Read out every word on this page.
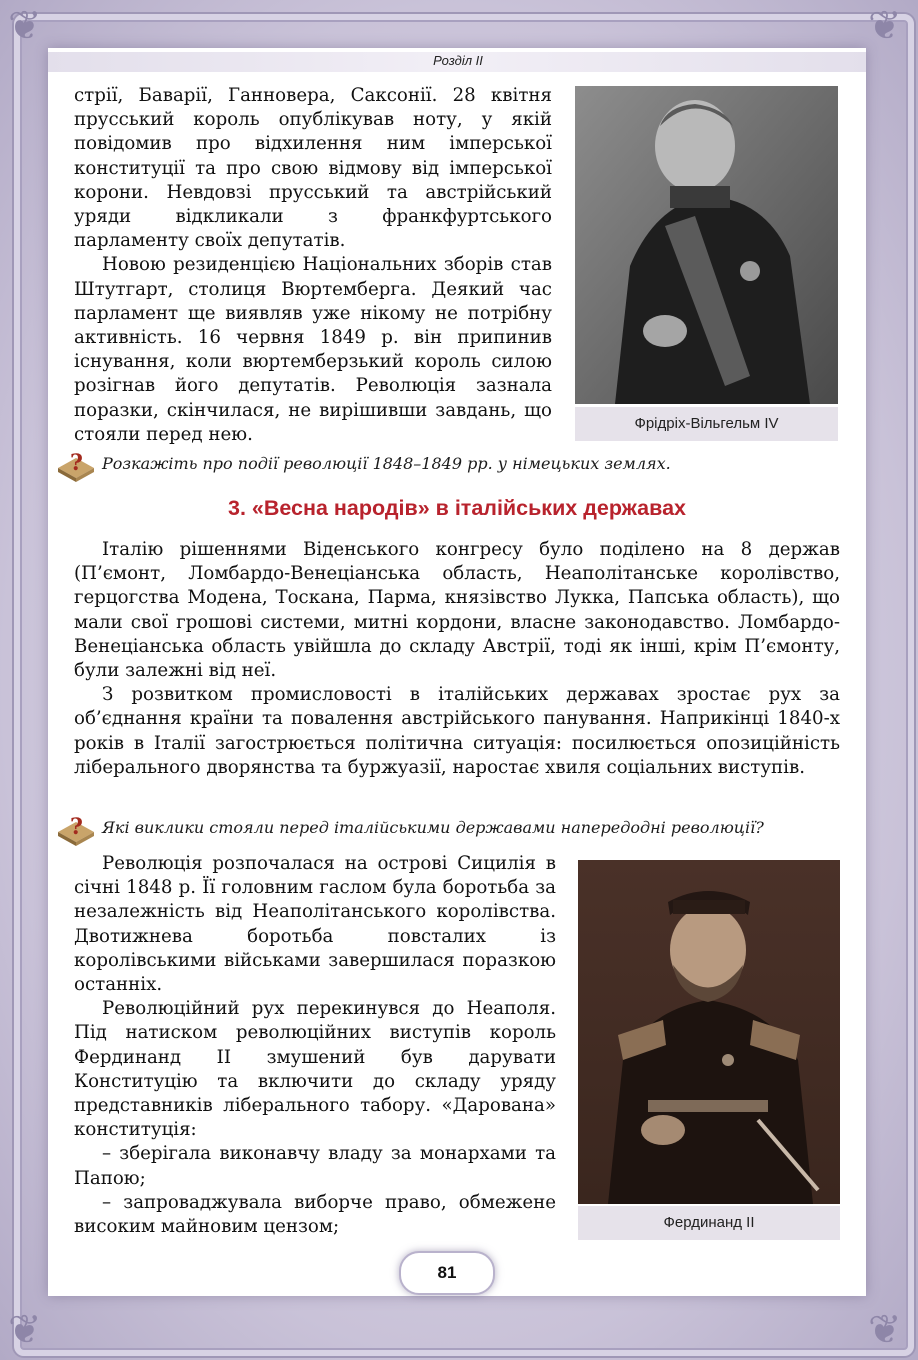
❦	❦
❦	❦
Розділ II

стрії, Баварії, Ганновера, Саксонії. 28 квітня прусський король опублікував ноту, у якій повідомив про відхилення ним імперської конституції та про свою відмову від імперської корони. Невдовзі прусський та австрійський уряди відкликали з франкфуртського парламенту своїх депутатів.

Новою резиденцією Національних зборів став Штутгарт, столиця Вюртемберга. Деякий час парламент ще виявляв уже нікому не потрібну активність. 16 червня 1849 р. він припинив існування, коли вюртемберзький король силою розігнав його депутатів. Революція зазнала поразки, скінчилася, не вирішивши завдань, що стояли перед нею.

Фрідріх-Вільгельм IV
? Розкажіть про події революції 1848–1849 рр. у німецьких землях.
3. «Весна народів» в італійських державах

Італію рішеннями Віденського конгресу було поділено на 8 держав (П’ємонт, Ломбардо-Венеціанська область, Неаполітанське королівство, герцогства Модена, Тоскана, Парма, князівство Лукка, Папська область), що мали свої грошові системи, митні кордони, власне законодавство. Ломбардо-Венеціанська область увійшла до складу Австрії, тоді як інші, крім П’ємонту, були залежні від неї.

З розвитком промисловості в італійських державах зростає рух за об’єднання країни та повалення австрійського панування. Наприкінці 1840-х років в Італії загострюється політична ситуація: посилюється опозиційність ліберального дворянства та буржуазії, наростає хвиля соціальних виступів.

? Які виклики стояли перед італійськими державами напередодні революції?

Революція розпочалася на острові Сицилія в січні 1848 р. Її головним гаслом була боротьба за незалежність від Неаполітанського королівства. Двотижнева боротьба повсталих із королівськими військами завершилася поразкою останніх.

Революційний рух перекинувся до Неаполя. Під натиском революційних виступів король Фердинанд II змушений був дарувати Конституцію та включити до складу уряду представників ліберального табору. «Дарована» конституція:

– зберігала виконавчу владу за монархами та Папою;

– запроваджувала виборче право, обмежене високим майновим цензом;	Фердинанд II
81
